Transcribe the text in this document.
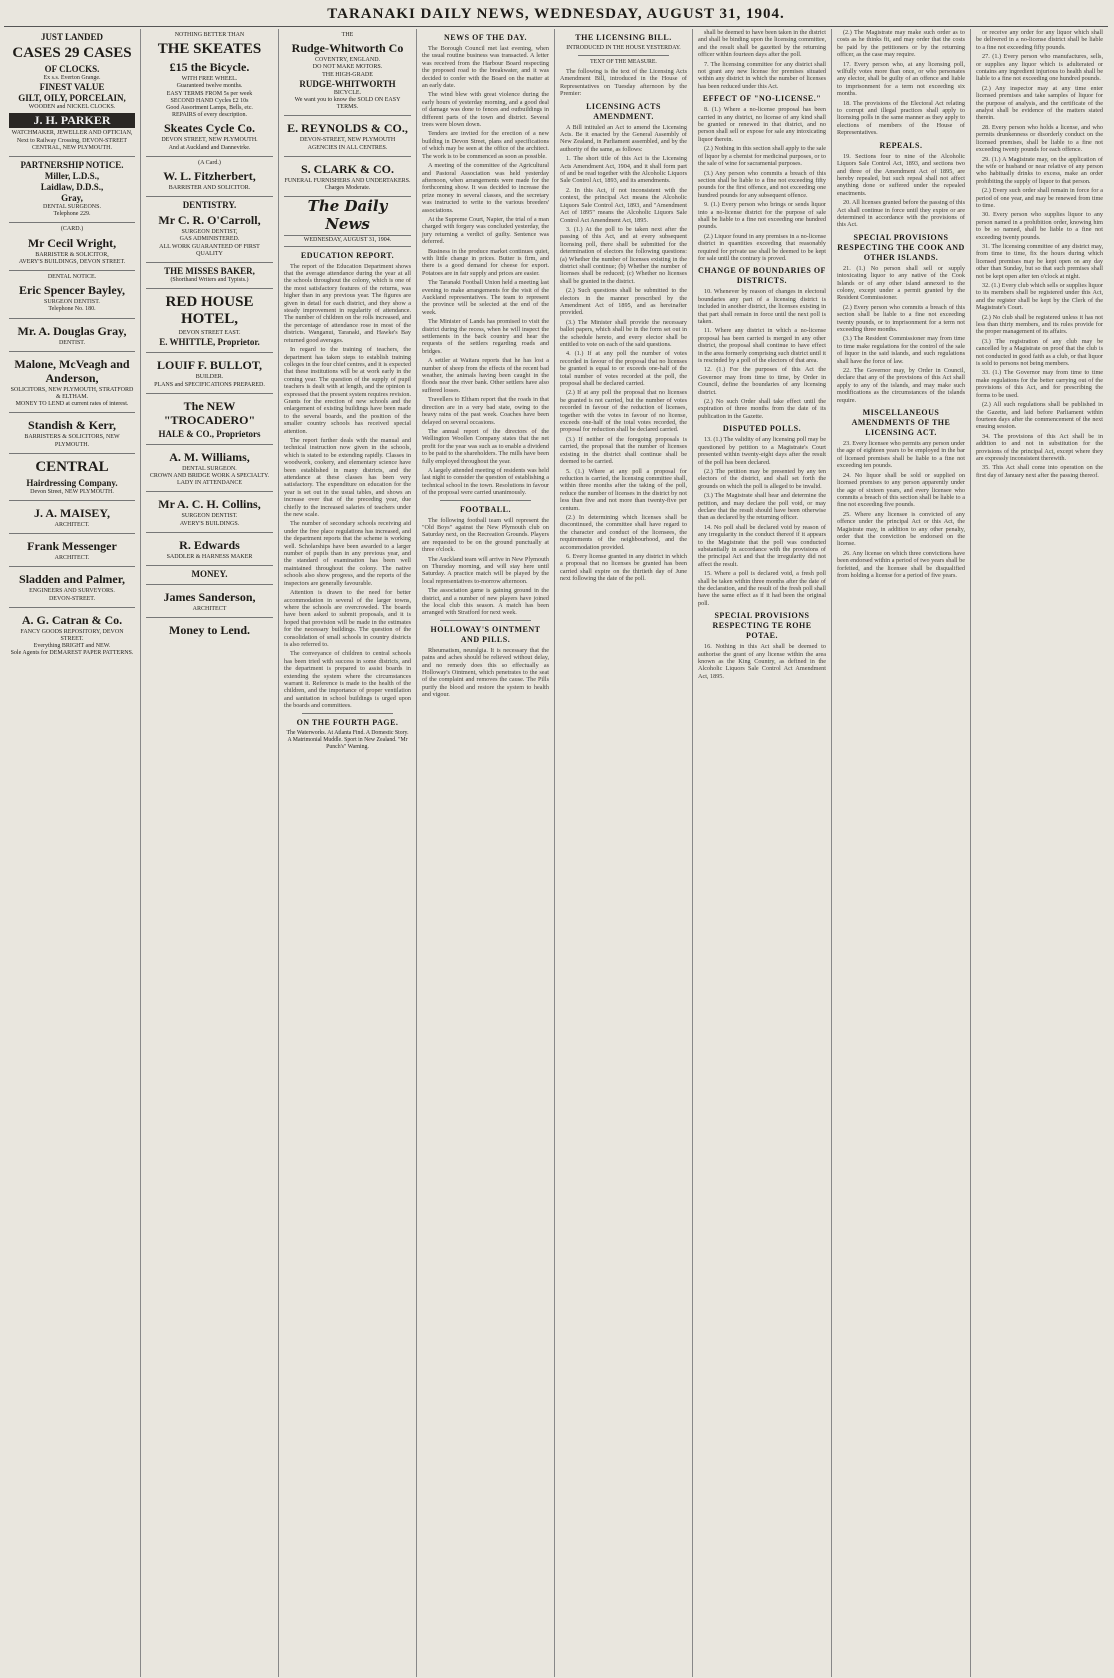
TARANAKI DAILY NEWS, WEDNESDAY, AUGUST 31, 1904.
JUST LANDED
CASES 29 CASES
OF CLOCKS.
Ex s.s. Everton Grange.
FINEST VALUE
GILT, OILY, PORCELAIN,
WOODEN and NICKEL CLOCKS.
J. H. PARKER
WATCHMAKER, JEWELLER AND OPTICIAN,
Next to Railway Crossing, DEVON-STREET CENTRAL, NEW PLYMOUTH.
PARTNERSHIP NOTICE.
Miller, L.D.S.,
Laidlaw, D.D.S.,
Gray,
DENTAL SURGEONS.
Telephone 229.
(CARD.)
Mr Cecil Wright,
BARRISTER & SOLICITOR,
AVERY'S BUILDINGS, DEVON STREET.
DENTAL NOTICE.
Eric Spencer Bayley,
SURGEON DENTIST.
Telephone No. 180.
Mr. A. Douglas Gray,
DENTIST.
Malone, McVeagh and Anderson,
SOLICITORS, NEW PLYMOUTH, STRATFORD & ELTHAM.
MONEY TO LEND at current rates of interest.
Standish & Kerr,
BARRISTERS & SOLICITORS, NEW PLYMOUTH.
CENTRAL
Hairdressing Company.
Devon Street, NEW PLYMOUTH.
J. A. MAISEY,
ARCHITECT.
Frank Messenger
ARCHITECT.
Sladden and Palmer,
ENGINEERS AND SURVEYORS.
DEVON-STREET.
A. G. Catran & Co.
FANCY GOODS REPOSITORY, DEVON STREET.
Everything BRIGHT and NEW.
Sole Agents for DEMAREST PAPER PATTERNS.
NOTHING BETTER THAN
THE SKEATES
£15 the Bicycle.
WITH FREE WHEEL.
Guaranteed twelve months.
EASY TERMS FROM 5s per week
SECOND HAND Cycles £2 10s
Good Assortment Lamps, Bells, etc.
REPAIRS of every description.
Skeates Cycle Co.
DEVON STREET, NEW PLYMOUTH.
And at Auckland and Dannevirke.
(A Card.)
W. L. Fitzherbert,
BARRISTER AND SOLICITOR.
DENTISTRY.
Mr C. R. O'Carroll,
SURGEON DENTIST,
GAS ADMINISTERED.
ALL WORK GUARANTEED OF FIRST QUALITY
THE MISSES BAKER,
(Shorthand Writers and Typists.)
RED HOUSE HOTEL,
DEVON STREET EAST.
E. WHITTLE, Proprietor.
LOUIF F. BULLOT,
BUILDER.
PLANS and SPECIFICATIONS PREPARED.
The NEW "TROCADERO"
HALE & CO., Proprietors
A. M. Williams,
DENTAL SURGEON.
CROWN AND BRIDGE WORK A SPECIALTY.
LADY IN ATTENDANCE
Mr A. C. H. Collins,
SURGEON DENTIST.
AVERY'S BUILDINGS.
R. Edwards
SADDLER & HARNESS MAKER
MONEY.
James Sanderson,
ARCHITECT
Money to Lend.
THE
Rudge-Whitworth Co
COVENTRY, ENGLAND.
DO NOT MAKE MOTORS.
THE HIGH-GRADE
RUDGE-WHITWORTH
BICYCLE.
We want you to know the SOLD ON EASY TERMS.
E. REYNOLDS & CO.,
DEVON-STREET, NEW PLYMOUTH
AGENCIES IN ALL CENTRES.
S. CLARK & CO.
FUNERAL FURNISHERS AND UNDERTAKERS.
Charges Moderate.
The Daily News
WEDNESDAY, AUGUST 31, 1904.
EDUCATION REPORT.

The report of the Education Department shows that the average attendance during the year at all the schools throughout the colony, which is one of the most satisfactory features of the returns, was higher than in any previous year. The figures are given in detail for each district, and they show a steady improvement in regularity of attendance. The number of children on the rolls increased, and the percentage of attendance rose in most of the districts. Wanganui, Taranaki, and Hawke's Bay returned good averages.

In regard to the training of teachers, the department has taken steps to establish training colleges in the four chief centres, and it is expected that these institutions will be at work early in the coming year. The question of the supply of pupil teachers is dealt with at length, and the opinion is expressed that the present system requires revision. Grants for the erection of new schools and the enlargement of existing buildings have been made to the several boards, and the position of the smaller country schools has received special attention.

The report further deals with the manual and technical instruction now given in the schools, which is stated to be extending rapidly. Classes in woodwork, cookery, and elementary science have been established in many districts, and the attendance at these classes has been very satisfactory. The expenditure on education for the year is set out in the usual tables, and shows an increase over that of the preceding year, due chiefly to the increased salaries of teachers under the new scale.

The number of secondary schools receiving aid under the free place regulations has increased, and the department reports that the scheme is working well. Scholarships have been awarded to a larger number of pupils than in any previous year, and the standard of examination has been well maintained throughout the colony. The native schools also show progress, and the reports of the inspectors are generally favourable.

Attention is drawn to the need for better accommodation in several of the larger towns, where the schools are overcrowded. The boards have been asked to submit proposals, and it is hoped that provision will be made in the estimates for the necessary buildings. The question of the consolidation of small schools in country districts is also referred to.

The conveyance of children to central schools has been tried with success in some districts, and the department is prepared to assist boards in extending the system where the circumstances warrant it. Reference is made to the health of the children, and the importance of proper ventilation and sanitation in school buildings is urged upon the boards and committees.

ON THE FOURTH PAGE.
The Waterworks. At Atlanta Find. A Domestic Story. A Matrimonial Muddle. Sport in New Zealand. "Mr Punch's" Warning.
NEWS OF THE DAY.

The Borough Council met last evening, when the usual routine business was transacted. A letter was received from the Harbour Board respecting the proposed road to the breakwater, and it was decided to confer with the Board on the matter at an early date.

The wind blew with great violence during the early hours of yesterday morning, and a good deal of damage was done to fences and outbuildings in different parts of the town and district. Several trees were blown down.

Tenders are invited for the erection of a new building in Devon Street, plans and specifications of which may be seen at the office of the architect. The work is to be commenced as soon as possible.

A meeting of the committee of the Agricultural and Pastoral Association was held yesterday afternoon, when arrangements were made for the forthcoming show. It was decided to increase the prize money in several classes, and the secretary was instructed to write to the various breeders' associations.

At the Supreme Court, Napier, the trial of a man charged with forgery was concluded yesterday, the jury returning a verdict of guilty. Sentence was deferred.

Business in the produce market continues quiet, with little change in prices. Butter is firm, and there is a good demand for cheese for export. Potatoes are in fair supply and prices are easier.

The Taranaki Football Union held a meeting last evening to make arrangements for the visit of the Auckland representatives. The team to represent the province will be selected at the end of the week.

The Minister of Lands has promised to visit the district during the recess, when he will inspect the settlements in the back country and hear the requests of the settlers regarding roads and bridges.

A settler at Waitara reports that he has lost a number of sheep from the effects of the recent bad weather, the animals having been caught in the floods near the river bank. Other settlers have also suffered losses.

Travellers to Eltham report that the roads in that direction are in a very bad state, owing to the heavy rains of the past week. Coaches have been delayed on several occasions.

The annual report of the directors of the Wellington Woollen Company states that the net profit for the year was such as to enable a dividend to be paid to the shareholders. The mills have been fully employed throughout the year.

A largely attended meeting of residents was held last night to consider the question of establishing a technical school in the town. Resolutions in favour of the proposal were carried unanimously.

FOOTBALL.

The following football team will represent the "Old Boys" against the New Plymouth club on Saturday next, on the Recreation Grounds. Players are requested to be on the ground punctually at three o'clock.

The Auckland team will arrive in New Plymouth on Thursday morning, and will stay here until Saturday. A practice match will be played by the local representatives to-morrow afternoon.

The association game is gaining ground in the district, and a number of new players have joined the local club this season. A match has been arranged with Stratford for next week.

HOLLOWAY'S OINTMENT AND PILLS.

Rheumatism, neuralgia. It is necessary that the pains and aches should be relieved without delay, and no remedy does this so effectually as Holloway's Ointment, which penetrates to the seat of the complaint and removes the cause. The Pills purify the blood and restore the system to health and vigour.

THE LICENSING BILL.
INTRODUCED IN THE HOUSE YESTERDAY.
TEXT OF THE MEASURE.

The following is the text of the Licensing Acts Amendment Bill, introduced in the House of Representatives on Tuesday afternoon by the Premier:

LICENSING ACTS AMENDMENT.

A Bill intituled an Act to amend the Licensing Acts. Be it enacted by the General Assembly of New Zealand, in Parliament assembled, and by the authority of the same, as follows:

1. The short title of this Act is the Licensing Acts Amendment Act, 1904, and it shall form part of and be read together with the Alcoholic Liquors Sale Control Act, 1893, and its amendments.

2. In this Act, if not inconsistent with the context, the principal Act means the Alcoholic Liquors Sale Control Act, 1893, and "Amendment Act of 1895" means the Alcoholic Liquors Sale Control Act Amendment Act, 1895.

3. (1.) At the poll to be taken next after the passing of this Act, and at every subsequent licensing poll, there shall be submitted for the determination of electors the following questions: (a) Whether the number of licenses existing in the district shall continue; (b) Whether the number of licenses shall be reduced; (c) Whether no licenses shall be granted in the district.

(2.) Such questions shall be submitted to the electors in the manner prescribed by the Amendment Act of 1895, and as hereinafter provided.

(3.) The Minister shall provide the necessary ballot papers, which shall be in the form set out in the schedule hereto, and every elector shall be entitled to vote on each of the said questions.

4. (1.) If at any poll the number of votes recorded in favour of the proposal that no licenses be granted is equal to or exceeds one-half of the total number of votes recorded at the poll, the proposal shall be declared carried.

(2.) If at any poll the proposal that no licenses be granted is not carried, but the number of votes recorded in favour of the reduction of licenses, together with the votes in favour of no license, exceeds one-half of the total votes recorded, the proposal for reduction shall be declared carried.

(3.) If neither of the foregoing proposals is carried, the proposal that the number of licenses existing in the district shall continue shall be deemed to be carried.

5. (1.) Where at any poll a proposal for reduction is carried, the licensing committee shall, within three months after the taking of the poll, reduce the number of licenses in the district by not less than five and not more than twenty-five per centum.

(2.) In determining which licenses shall be discontinued, the committee shall have regard to the character and conduct of the licensees, the requirements of the neighbourhood, and the accommodation provided.

6. Every license granted in any district in which a proposal that no licenses be granted has been carried shall expire on the thirtieth day of June next following the date of the poll.

shall be deemed to have been taken in the district and shall be binding upon the licensing committee, and the result shall be gazetted by the returning officer within fourteen days after the poll.

7. The licensing committee for any district shall not grant any new license for premises situated within any district in which the number of licenses has been reduced under this Act.

EFFECT OF "NO-LICENSE."

8. (1.) Where a no-license proposal has been carried in any district, no license of any kind shall be granted or renewed in that district, and no person shall sell or expose for sale any intoxicating liquor therein.

(2.) Nothing in this section shall apply to the sale of liquor by a chemist for medicinal purposes, or to the sale of wine for sacramental purposes.

(3.) Any person who commits a breach of this section shall be liable to a fine not exceeding fifty pounds for the first offence, and not exceeding one hundred pounds for any subsequent offence.

9. (1.) Every person who brings or sends liquor into a no-license district for the purpose of sale shall be liable to a fine not exceeding one hundred pounds.

(2.) Liquor found in any premises in a no-license district in quantities exceeding that reasonably required for private use shall be deemed to be kept for sale until the contrary is proved.

CHANGE OF BOUNDARIES OF DISTRICTS.

10. Whenever by reason of changes in electoral boundaries any part of a licensing district is included in another district, the licenses existing in that part shall remain in force until the next poll is taken.

11. Where any district in which a no-license proposal has been carried is merged in any other district, the proposal shall continue to have effect in the area formerly comprising such district until it is rescinded by a poll of the electors of that area.

12. (1.) For the purposes of this Act the Governor may from time to time, by Order in Council, define the boundaries of any licensing district.

(2.) No such Order shall take effect until the expiration of three months from the date of its publication in the Gazette.

DISPUTED POLLS.

13. (1.) The validity of any licensing poll may be questioned by petition to a Magistrate's Court presented within twenty-eight days after the result of the poll has been declared.

(2.) The petition may be presented by any ten electors of the district, and shall set forth the grounds on which the poll is alleged to be invalid.

(3.) The Magistrate shall hear and determine the petition, and may declare the poll void, or may declare that the result should have been otherwise than as declared by the returning officer.

14. No poll shall be declared void by reason of any irregularity in the conduct thereof if it appears to the Magistrate that the poll was conducted substantially in accordance with the provisions of the principal Act and that the irregularity did not affect the result.

15. Where a poll is declared void, a fresh poll shall be taken within three months after the date of the declaration, and the result of the fresh poll shall have the same effect as if it had been the original poll.

SPECIAL PROVISIONS RESPECTING TE ROHE POTAE.

16. Nothing in this Act shall be deemed to authorise the grant of any license within the area known as the King Country, as defined in the Alcoholic Liquors Sale Control Act Amendment Act, 1895.

(2.) The Magistrate may make such order as to costs as he thinks fit, and may order that the costs be paid by the petitioners or by the returning officer, as the case may require.

17. Every person who, at any licensing poll, wilfully votes more than once, or who personates any elector, shall be guilty of an offence and liable to imprisonment for a term not exceeding six months.

18. The provisions of the Electoral Act relating to corrupt and illegal practices shall apply to licensing polls in the same manner as they apply to elections of members of the House of Representatives.

REPEALS.

19. Sections four to nine of the Alcoholic Liquors Sale Control Act, 1893, and sections two and three of the Amendment Act of 1895, are hereby repealed, but such repeal shall not affect anything done or suffered under the repealed enactments.

20. All licenses granted before the passing of this Act shall continue in force until they expire or are determined in accordance with the provisions of this Act.

SPECIAL PROVISIONS RESPECTING THE COOK AND OTHER ISLANDS.

21. (1.) No person shall sell or supply intoxicating liquor to any native of the Cook Islands or of any other island annexed to the colony, except under a permit granted by the Resident Commissioner.

(2.) Every person who commits a breach of this section shall be liable to a fine not exceeding twenty pounds, or to imprisonment for a term not exceeding three months.

(3.) The Resident Commissioner may from time to time make regulations for the control of the sale of liquor in the said islands, and such regulations shall have the force of law.

22. The Governor may, by Order in Council, declare that any of the provisions of this Act shall apply to any of the islands, and may make such modifications as the circumstances of the islands require.

MISCELLANEOUS AMENDMENTS OF THE LICENSING ACT.

23. Every licensee who permits any person under the age of eighteen years to be employed in the bar of licensed premises shall be liable to a fine not exceeding ten pounds.

24. No liquor shall be sold or supplied on licensed premises to any person apparently under the age of sixteen years, and every licensee who commits a breach of this section shall be liable to a fine not exceeding five pounds.

25. Where any licensee is convicted of any offence under the principal Act or this Act, the Magistrate may, in addition to any other penalty, order that the conviction be endorsed on the license.

26. Any license on which three convictions have been endorsed within a period of two years shall be forfeited, and the licensee shall be disqualified from holding a license for a period of five years.

or receive any order for any liquor which shall be delivered in a no-license district shall be liable to a fine not exceeding fifty pounds.

27. (1.) Every person who manufactures, sells, or supplies any liquor which is adulterated or contains any ingredient injurious to health shall be liable to a fine not exceeding one hundred pounds.

(2.) Any inspector may at any time enter licensed premises and take samples of liquor for the purpose of analysis, and the certificate of the analyst shall be evidence of the matters stated therein.

28. Every person who holds a license, and who permits drunkenness or disorderly conduct on the licensed premises, shall be liable to a fine not exceeding twenty pounds for each offence.

29. (1.) A Magistrate may, on the application of the wife or husband or near relative of any person who habitually drinks to excess, make an order prohibiting the supply of liquor to that person.

(2.) Every such order shall remain in force for a period of one year, and may be renewed from time to time.

30. Every person who supplies liquor to any person named in a prohibition order, knowing him to be so named, shall be liable to a fine not exceeding twenty pounds.

31. The licensing committee of any district may, from time to time, fix the hours during which licensed premises may be kept open on any day other than Sunday, but so that such premises shall not be kept open after ten o'clock at night.

32. (1.) Every club which sells or supplies liquor to its members shall be registered under this Act, and the register shall be kept by the Clerk of the Magistrate's Court.

(2.) No club shall be registered unless it has not less than thirty members, and its rules provide for the proper management of its affairs.

(3.) The registration of any club may be cancelled by a Magistrate on proof that the club is not conducted in good faith as a club, or that liquor is sold to persons not being members.

33. (1.) The Governor may from time to time make regulations for the better carrying out of the provisions of this Act, and for prescribing the forms to be used.

(2.) All such regulations shall be published in the Gazette, and laid before Parliament within fourteen days after the commencement of the next ensuing session.

34. The provisions of this Act shall be in addition to and not in substitution for the provisions of the principal Act, except where they are expressly inconsistent therewith.

35. This Act shall come into operation on the first day of January next after the passing thereof.
